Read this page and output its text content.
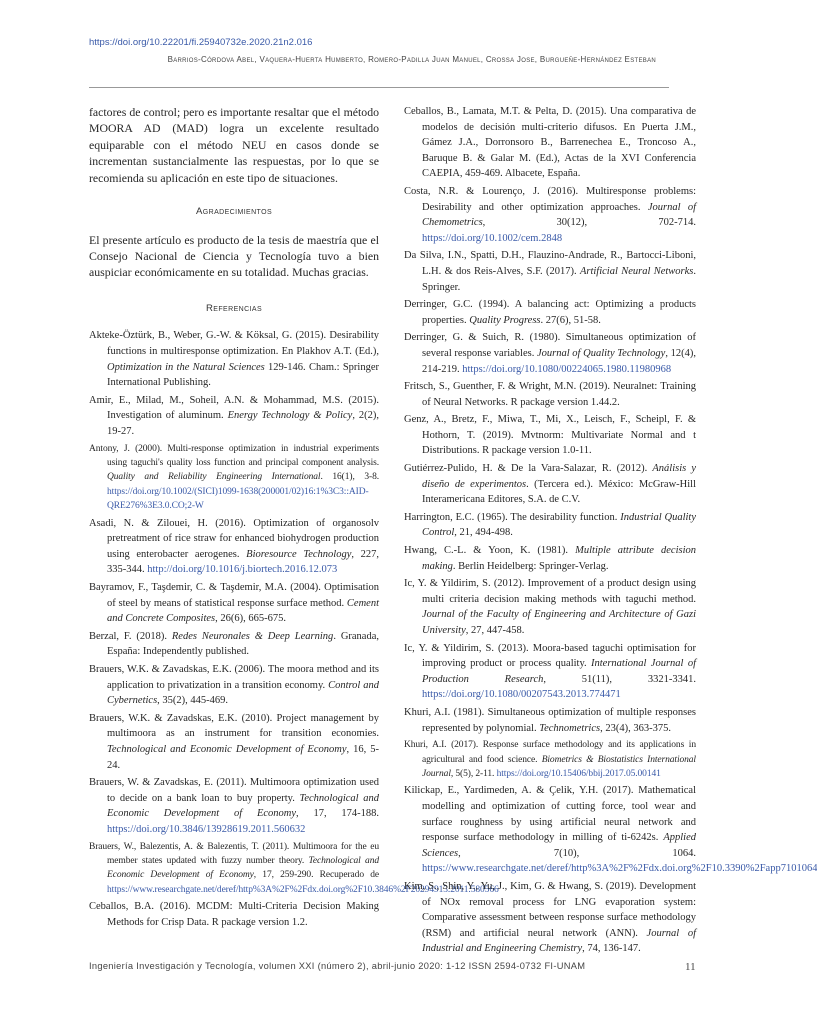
https://doi.org/10.22201/fi.25940732e.2020.21n2.016
Barrios-Córdova Abel, Vaquera-Huerta Humberto, Romero-Padilla Juan Manuel, Crossa Jose, Burgueñe-Hernández Esteban

factores de control; pero es importante resaltar que el método MOORA AD (MAD) logra un excelente resultado equiparable con el método NEU en casos donde se incrementan sustancialmente las respuestas, por lo que se recomienda su aplicación en este tipo de situaciones.

Agradecimientos

El presente artículo es producto de la tesis de maestría que el Consejo Nacional de Ciencia y Tecnología tuvo a bien auspiciar económicamente en su totalidad. Muchas gracias.

Referencias

Akteke-Öztürk, B., Weber, G.-W. & Köksal, G. (2015). Desirability functions in multiresponse optimization. En Plakhov A.T. (Ed.), Optimization in the Natural Sciences 129-146. Cham.: Springer International Publishing.

Amir, E., Milad, M., Soheil, A.N. & Mohammad, M.S. (2015). Investigation of aluminum. Energy Technology & Policy, 2(2), 19-27.

Antony, J. (2000). Multi-response optimization in industrial experiments using taguchi's quality loss function and principal component analysis. Quality and Reliability Engineering International. 16(1), 3-8. https://doi.org/10.1002/(SICI)1099-1638(200001/02)16:1%3C3::AID-QRE276%3E3.0.CO;2-W

Asadi, N. & Zilouei, H. (2016). Optimization of organosolv pretreatment of rice straw for enhanced biohydrogen production using enterobacter aerogenes. Bioresource Technology, 227, 335-344. http://doi.org/10.1016/j.biortech.2016.12.073

Bayramov, F., Taşdemir, C. & Taşdemir, M.A. (2004). Optimisation of steel by means of statistical response surface method. Cement and Concrete Composites, 26(6), 665-675.

Berzal, F. (2018). Redes Neuronales & Deep Learning. Granada, España: Independently published.

Brauers, W.K. & Zavadskas, E.K. (2006). The moora method and its application to privatization in a transition economy. Control and Cybernetics, 35(2), 445-469.

Brauers, W.K. & Zavadskas, E.K. (2010). Project management by multimoora as an instrument for transition economies. Technological and Economic Development of Economy, 16, 5-24.

Brauers, W. & Zavadskas, E. (2011). Multimoora optimization used to decide on a bank loan to buy property. Technological and Economic Development of Economy, 17, 174-188. https://doi.org/10.3846/13928619.2011.560632

Brauers, W., Balezentis, A. & Balezentis, T. (2011). Multimoora for the eu member states updated with fuzzy number theory. Technological and Economic Development of Economy, 17, 259-290. Recuperado de https://www.researchgate.net/deref/http%3A%2F%2Fdx.doi.org%2F10.3846%2F20294913.2011.580566

Ceballos, B.A. (2016). MCDM: Multi-Criteria Decision Making Methods for Crisp Data. R package version 1.2.

Ceballos, B., Lamata, M.T. & Pelta, D. (2015). Una comparativa de modelos de decisión multi-criterio difusos. En Puerta J.M., Gámez J.A., Dorronsoro B., Barrenechea E., Troncoso A., Baruque B. & Galar M. (Ed.), Actas de la XVI Conferencia CAEPIA, 459-469. Albacete, España.

Costa, N.R. & Lourenço, J. (2016). Multiresponse problems: Desirability and other optimization approaches. Journal of Chemometrics, 30(12), 702-714. https://doi.org/10.1002/cem.2848

Da Silva, I.N., Spatti, D.H., Flauzino-Andrade, R., Bartocci-Liboni, L.H. & dos Reis-Alves, S.F. (2017). Artificial Neural Networks. Springer.

Derringer, G.C. (1994). A balancing act: Optimizing a products properties. Quality Progress. 27(6), 51-58.

Derringer, G. & Suich, R. (1980). Simultaneous optimization of several response variables. Journal of Quality Technology, 12(4), 214-219. https://doi.org/10.1080/00224065.1980.11980968

Fritsch, S., Guenther, F. & Wright, M.N. (2019). Neuralnet: Training of Neural Networks. R package version 1.44.2.

Genz, A., Bretz, F., Miwa, T., Mi, X., Leisch, F., Scheipl, F. & Hothorn, T. (2019). Mvtnorm: Multivariate Normal and t Distributions. R package version 1.0-11.

Gutiérrez-Pulido, H. & De la Vara-Salazar, R. (2012). Análisis y diseño de experimentos. (Tercera ed.). México: McGraw-Hill Interamericana Editores, S.A. de C.V.

Harrington, E.C. (1965). The desirability function. Industrial Quality Control, 21, 494-498.

Hwang, C.-L. & Yoon, K. (1981). Multiple attribute decision making. Berlin Heidelberg: Springer-Verlag.

Ic, Y. & Yildirim, S. (2012). Improvement of a product design using multi criteria decision making methods with taguchi method. Journal of the Faculty of Engineering and Architecture of Gazi University, 27, 447-458.

Ic, Y. & Yildirim, S. (2013). Moora-based taguchi optimisation for improving product or process quality. International Journal of Production Research, 51(11), 3321-3341. https://doi.org/10.1080/00207543.2013.774471

Khuri, A.I. (1981). Simultaneous optimization of multiple responses represented by polynomial. Technometrics, 23(4), 363-375.

Khuri, A.I. (2017). Response surface methodology and its applications in agricultural and food science. Biometrics & Biostatistics International Journal, 5(5), 2-11. https://doi.org/10.15406/bbij.2017.05.00141

Kilickap, E., Yardimeden, A. & Çelik, Y.H. (2017). Mathematical modelling and optimization of cutting force, tool wear and surface roughness by using artificial neural network and response surface methodology in milling of ti-6242s. Applied Sciences, 7(10), 1064. https://www.researchgate.net/deref/http%3A%2F%2Fdx.doi.org%2F10.3390%2Fapp7101064

Kim, S., Shin, Y., Yu, J., Kim, G. & Hwang, S. (2019). Development of NOx removal process for LNG evaporation system: Comparative assessment between response surface methodology (RSM) and artificial neural network (ANN). Journal of Industrial and Engineering Chemistry, 74, 136-147.

Ingeniería Investigación y Tecnología, volumen XXI (número 2), abril-junio 2020: 1-12 ISSN 2594-0732 FI-UNAM	11
